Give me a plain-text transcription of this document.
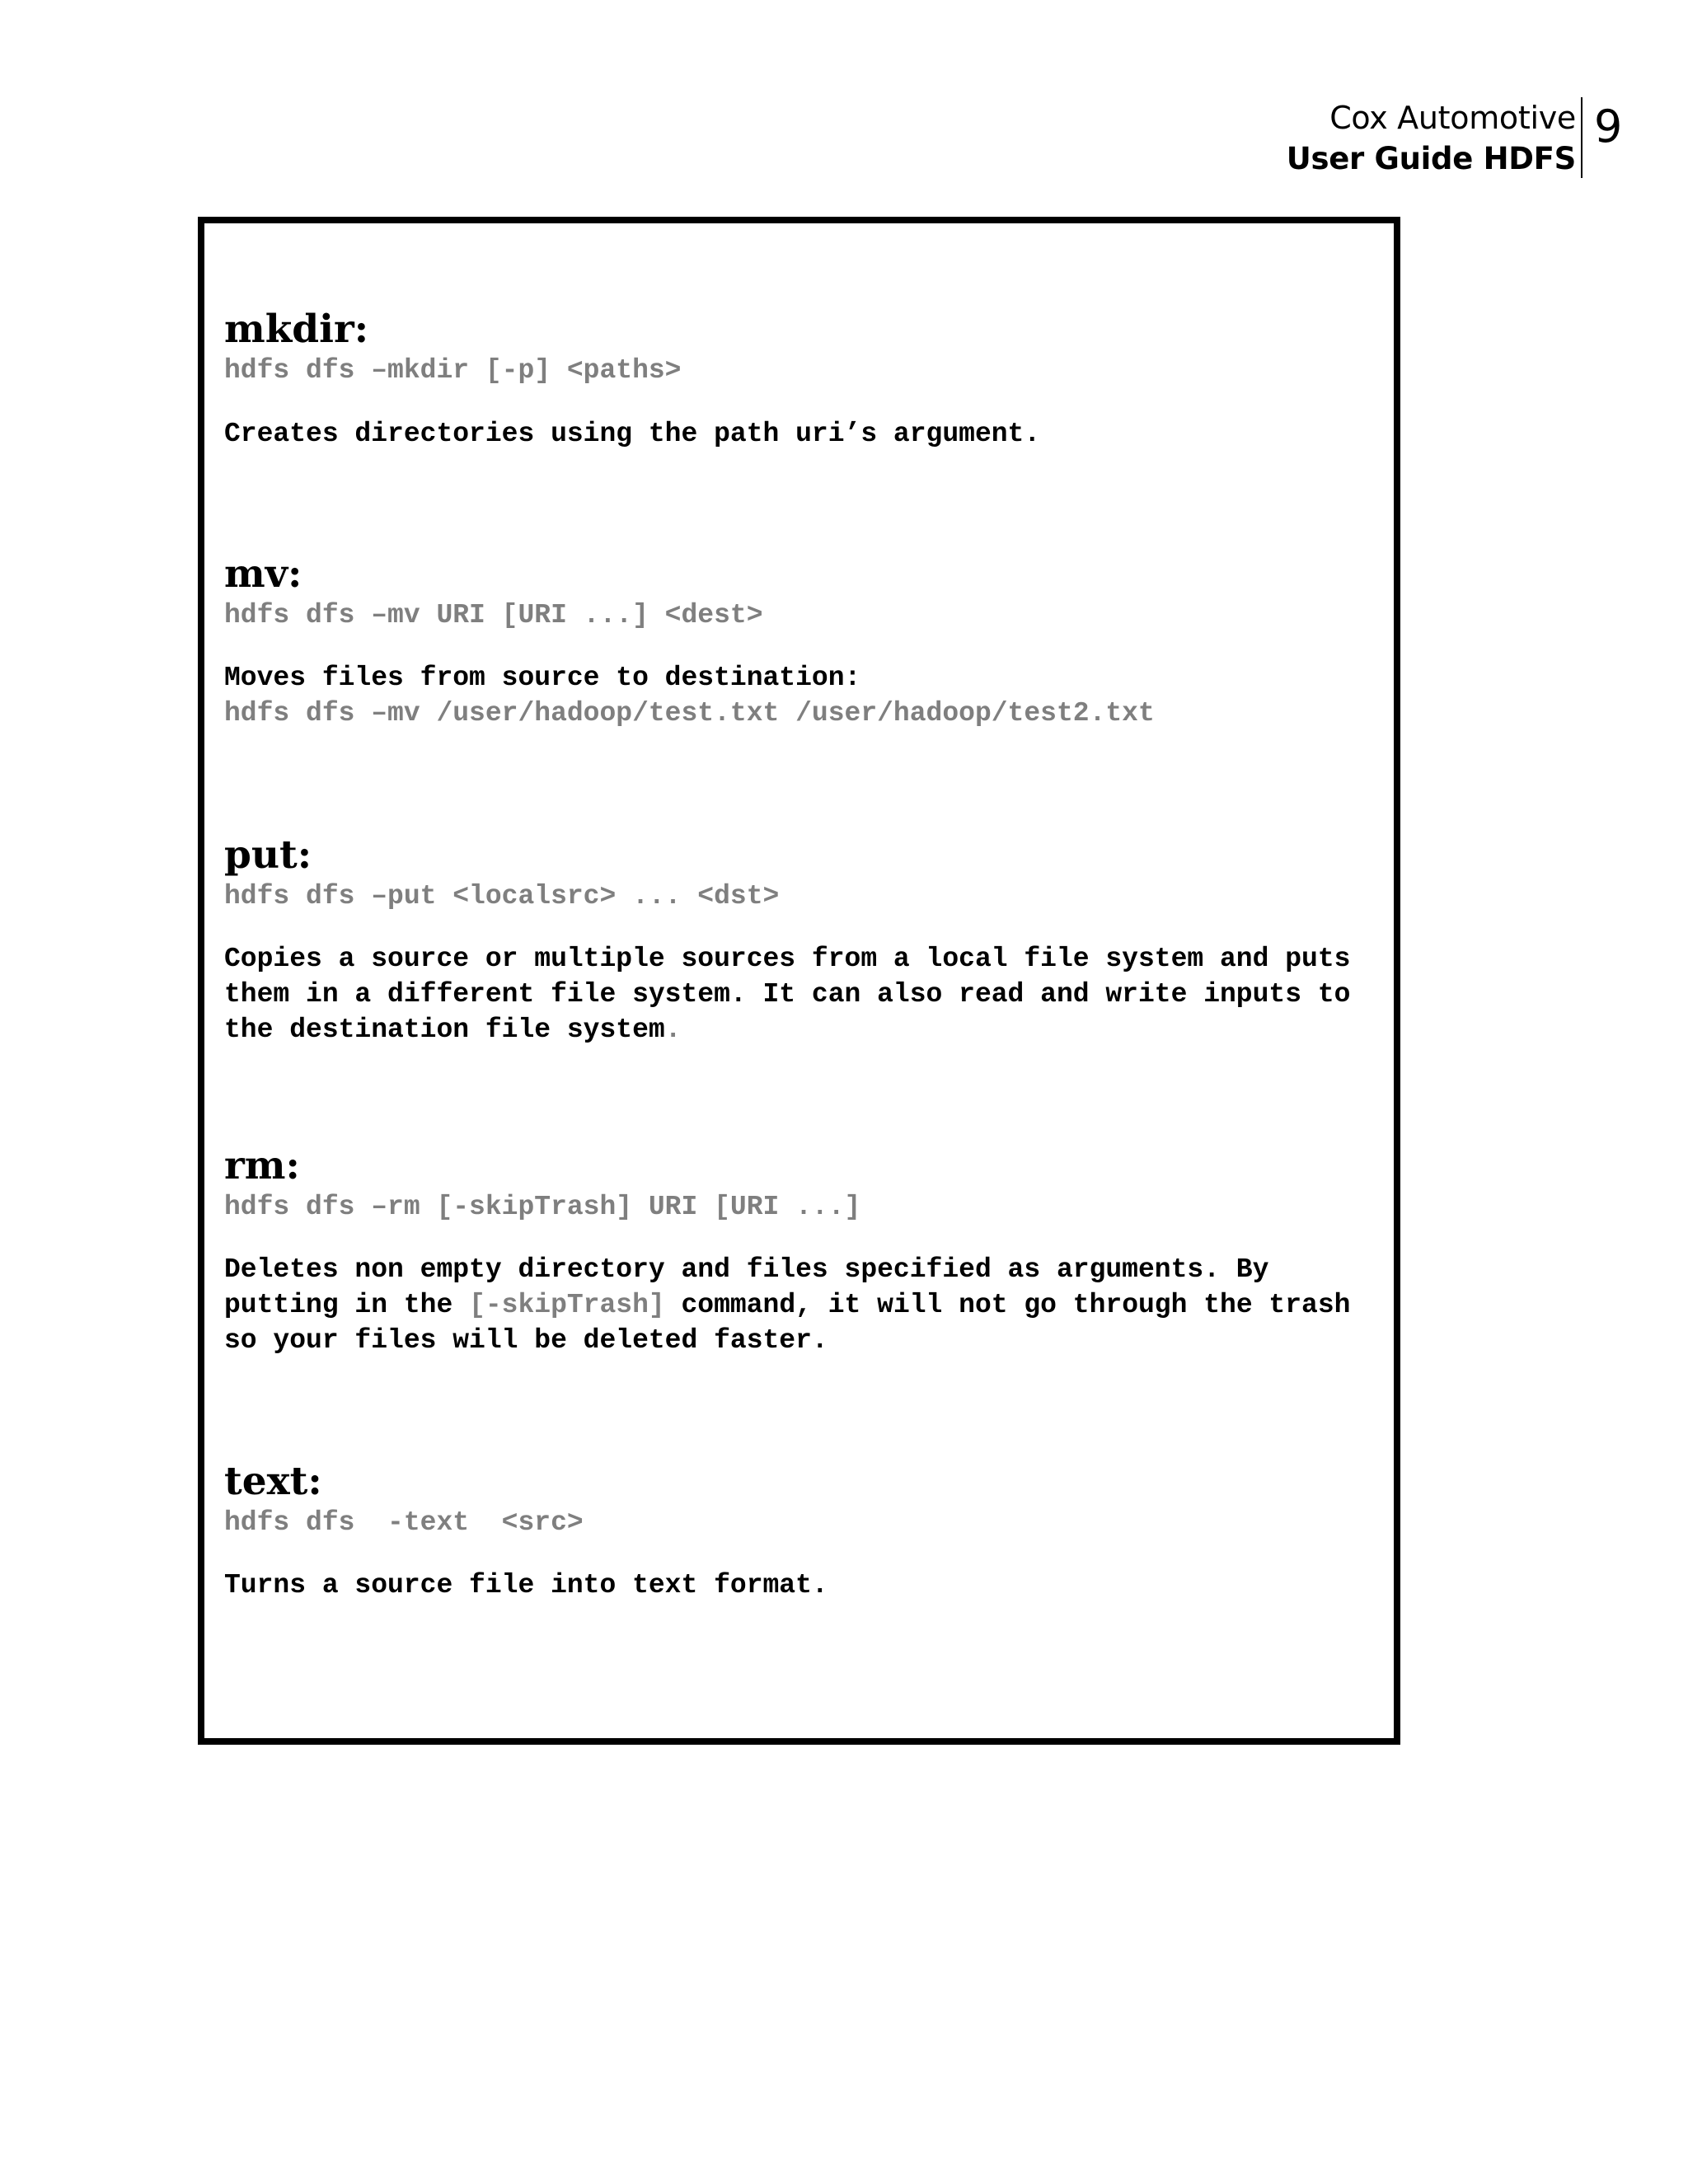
Cox Automotive
User Guide HDFS
9
mkdir:

hdfs dfs –mkdir [-p] <paths>

Creates directories using the path uri’s argument.

mv:

hdfs dfs –mv URI [URI ...] <dest>

Moves files from source to destination:

hdfs dfs –mv /user/hadoop/test.txt /user/hadoop/test2.txt

put:

hdfs dfs –put <localsrc> ... <dst>

Copies a source or multiple sources from a local file system and puts

them in a different file system. It can also read and write inputs to

the destination file system.

rm:

hdfs dfs –rm [-skipTrash] URI [URI ...]

Deletes non empty directory and files specified as arguments. By

putting in the [-skipTrash] command, it will not go through the trash

so your files will be deleted faster.

text:

hdfs dfs  -text  <src>

Turns a source file into text format.
